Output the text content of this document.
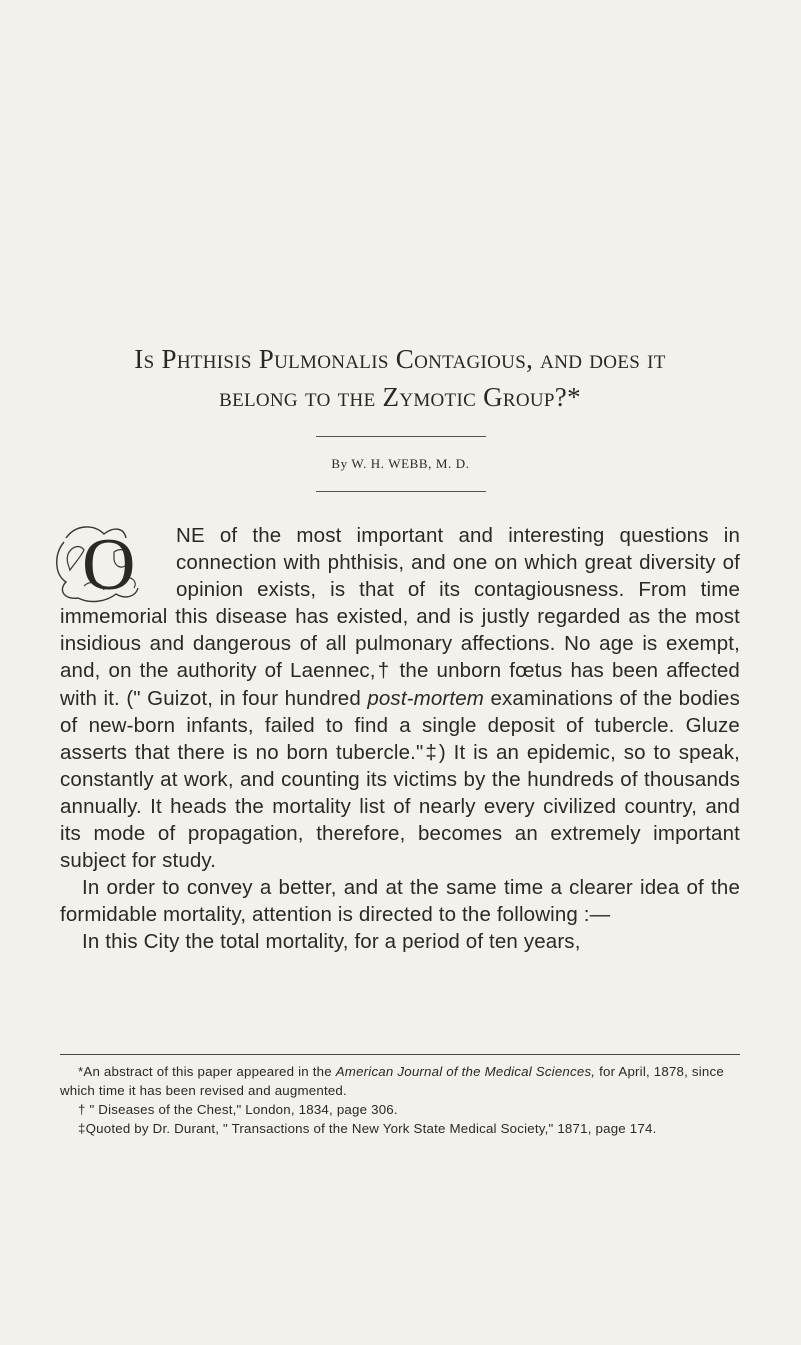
Is Phthisis Pulmonalis Contagious, and does it
belong to the Zymotic Group?*
By W. H. WEBB, M. D.

O NE of the most important and interesting questions in connection with phthisis, and one on which great diversity of opinion exists, is that of its contagiousness. From time immemorial this disease has existed, and is justly regarded as the most insidious and dangerous of all pulmonary affections. No age is exempt, and, on the authority of Laennec,† the unborn fœtus has been affected with it. (" Guizot, in four hundred post-mortem examinations of the bodies of new-born infants, failed to find a single deposit of tubercle. Gluze asserts that there is no born tubercle."‡) It is an epidemic, so to speak, constantly at work, and counting its victims by the hundreds of thousands annually. It heads the mortality list of nearly every civilized country, and its mode of propagation, therefore, becomes an extremely important subject for study.

In order to convey a better, and at the same time a clearer idea of the formidable mortality, attention is directed to the following :—

In this City the total mortality, for a period of ten years,

*An abstract of this paper appeared in the American Journal of the Medical Sciences, for April, 1878, since which time it has been revised and augmented.

† " Diseases of the Chest," London, 1834, page 306.

‡Quoted by Dr. Durant, " Transactions of the New York State Medical Society," 1871, page 174.
